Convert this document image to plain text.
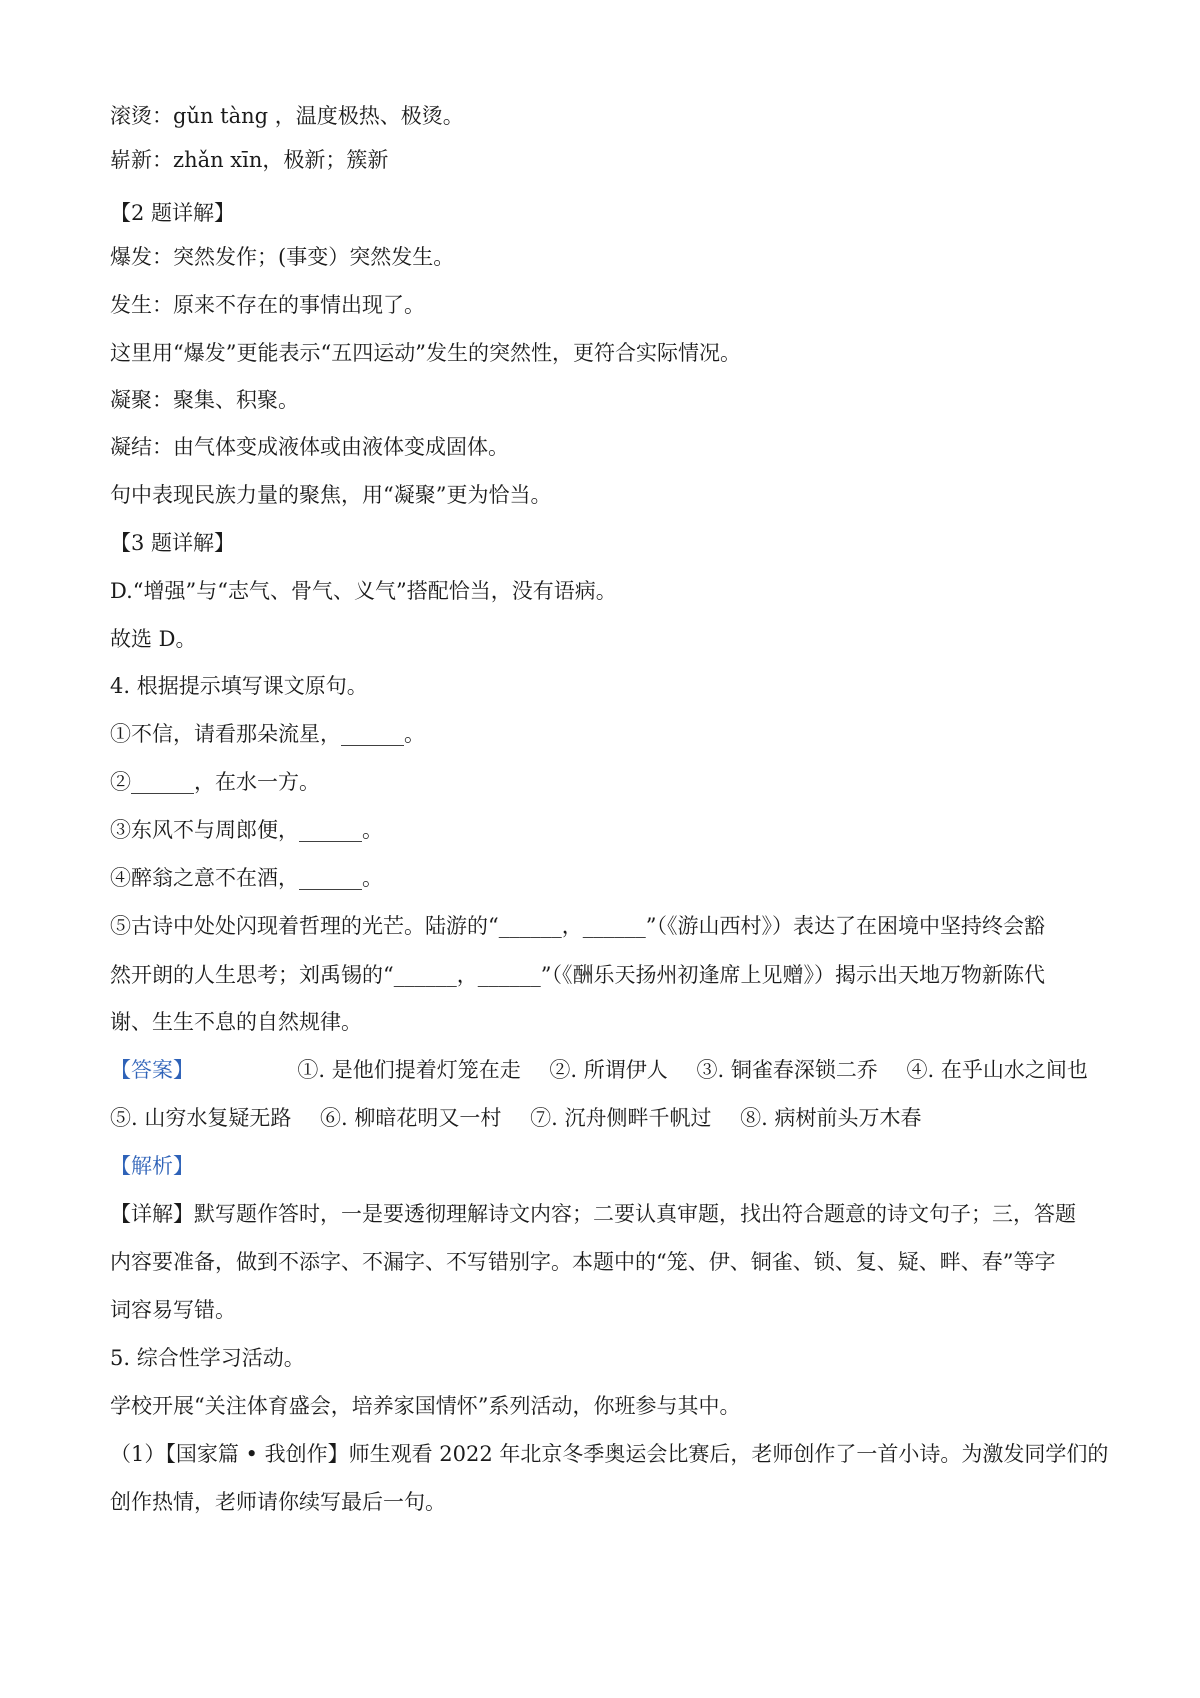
滚烫：gǔn tàng ，温度极热、极烫。
崭新：zhǎn xīn，极新；簇新
【2 题详解】
爆发：突然发作；(事变）突然发生。
发生：原来不存在的事情出现了。
这里用“爆发”更能表示“五四运动”发生的突然性，更符合实际情况。
凝聚：聚集、积聚。
凝结：由气体变成液体或由液体变成固体。
句中表现民族力量的聚焦，用“凝聚”更为恰当。
【3 题详解】
D.“增强”与“志气、骨气、义气”搭配恰当，没有语病。
故选 D。
4. 根据提示填写课文原句。
①不信，请看那朵流星，______。
②______，在水一方。
③东风不与周郎便，______。
④醉翁之意不在酒，______。
⑤古诗中处处闪现着哲理的光芒。陆游的“______，______”（《游山西村》）表达了在困境中坚持终会豁
然开朗的人生思考；刘禹锡的“______，______”（《酬乐天扬州初逢席上见赠》）揭示出天地万物新陈代
谢、生生不息的自然规律。
【答案】	①. 是他们提着灯笼在走 ②. 所谓伊人 ③. 铜雀春深锁二乔 ④. 在乎山水之间也
⑤. 山穷水复疑无路 ⑥. 柳暗花明又一村 ⑦. 沉舟侧畔千帆过 ⑧. 病树前头万木春
【解析】
【详解】默写题作答时，一是要透彻理解诗文内容；二要认真审题，找出符合题意的诗文句子；三，答题
内容要准备，做到不添字、不漏字、不写错别字。本题中的“笼、伊、铜雀、锁、复、疑、畔、春”等字
词容易写错。
5. 综合性学习活动。
学校开展“关注体育盛会，培养家国情怀”系列活动，你班参与其中。
（1）【国家篇 • 我创作】师生观看 2022 年北京冬季奥运会比赛后，老师创作了一首小诗。为激发同学们的
创作热情，老师请你续写最后一句。
